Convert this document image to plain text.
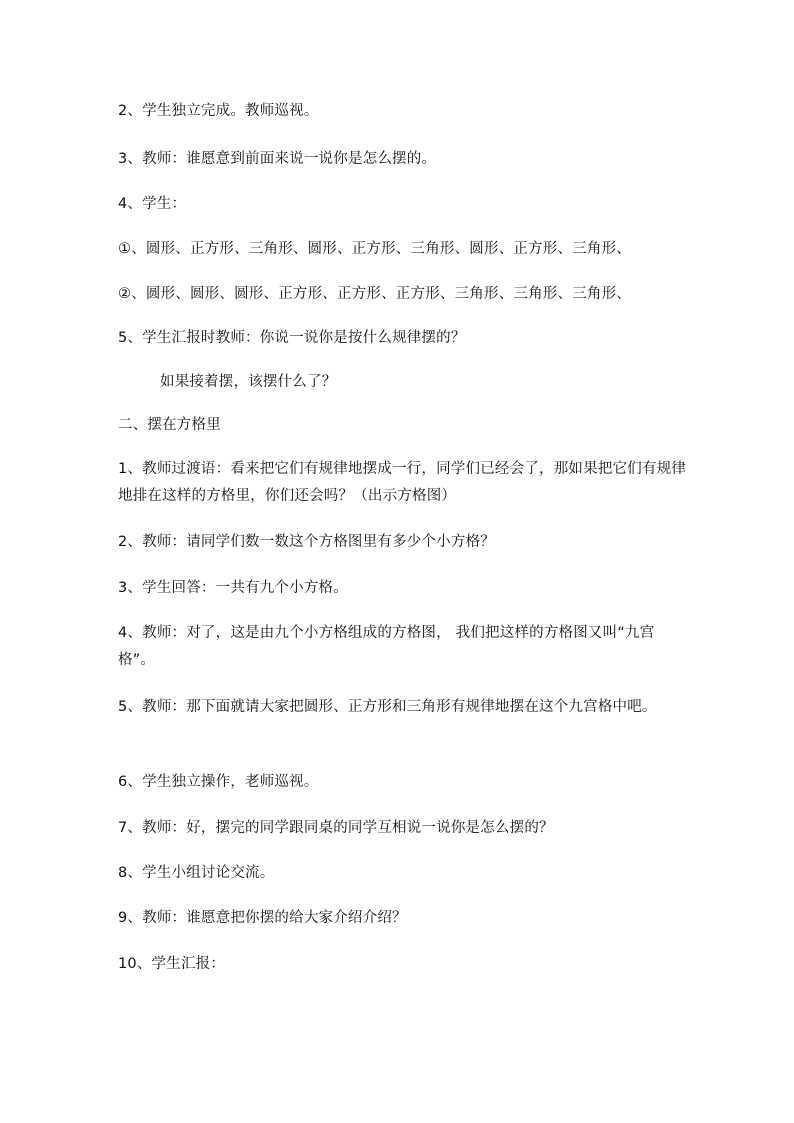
2、学生独立完成。教师巡视。
3、教师：谁愿意到前面来说一说你是怎么摆的。
4、学生：
①、圆形、正方形、三角形、圆形、正方形、三角形、圆形、正方形、三角形、
②、圆形、圆形、圆形、正方形、正方形、正方形、三角形、三角形、三角形、
5、学生汇报时教师：你说一说你是按什么规律摆的？
如果接着摆，该摆什么了？
二、摆在方格里
1、教师过渡语：看来把它们有规律地摆成一行，同学们已经会了，那如果把它们有规律地排在这样的方格里，你们还会吗？（出示方格图）
2、教师：请同学们数一数这个方格图里有多少个小方格？
3、学生回答：一共有九个小方格。
4、教师：对了，这是由九个小方格组成的方格图， 我们把这样的方格图又叫“九宫格”。
5、教师：那下面就请大家把圆形、正方形和三角形有规律地摆在这个九宫格中吧。
6、学生独立操作，老师巡视。
7、教师：好，摆完的同学跟同桌的同学互相说一说你是怎么摆的？
8、学生小组讨论交流。
9、教师：谁愿意把你摆的给大家介绍介绍？
10、学生汇报：
